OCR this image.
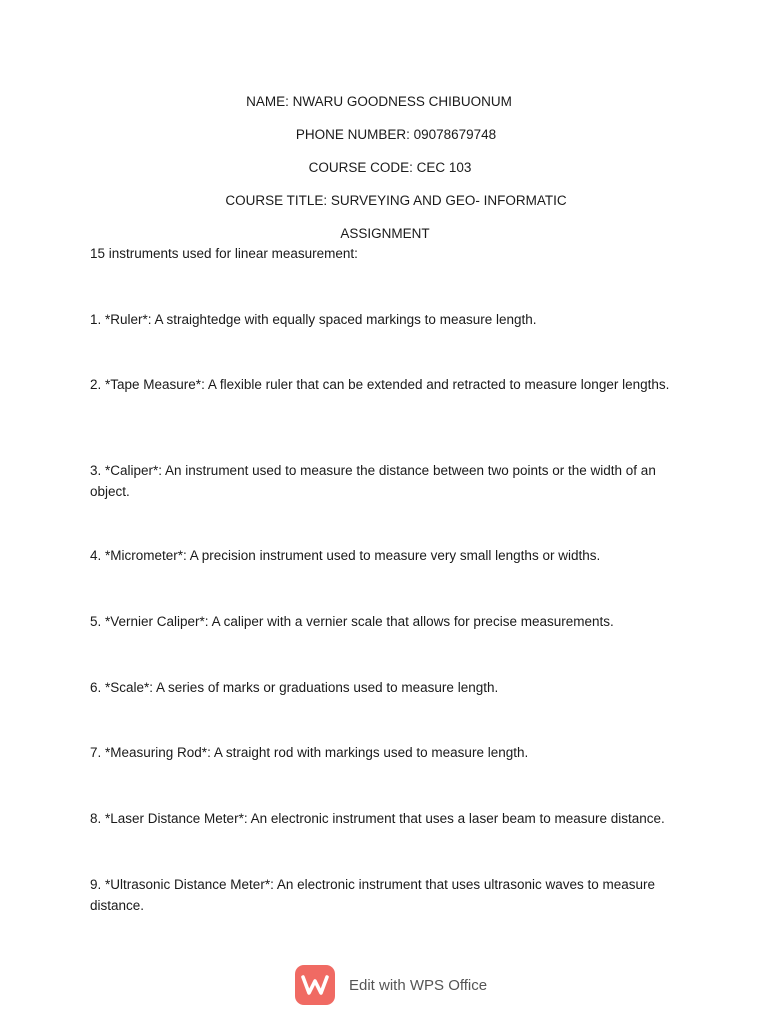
NAME: NWARU GOODNESS CHIBUONUM
PHONE NUMBER: 09078679748
COURSE CODE: CEC 103
COURSE TITLE: SURVEYING AND GEO- INFORMATIC
ASSIGNMENT
15 instruments used for linear measurement:
1. *Ruler*: A straightedge with equally spaced markings to measure length.
2. *Tape Measure*: A flexible ruler that can be extended and retracted to measure longer lengths.
3. *Caliper*: An instrument used to measure the distance between two points or the width of an object.
4. *Micrometer*: A precision instrument used to measure very small lengths or widths.
5. *Vernier Caliper*: A caliper with a vernier scale that allows for precise measurements.
6. *Scale*: A series of marks or graduations used to measure length.
7. *Measuring Rod*: A straight rod with markings used to measure length.
8. *Laser Distance Meter*: An electronic instrument that uses a laser beam to measure distance.
9. *Ultrasonic Distance Meter*: An electronic instrument that uses ultrasonic waves to measure distance.
Edit with WPS Office
